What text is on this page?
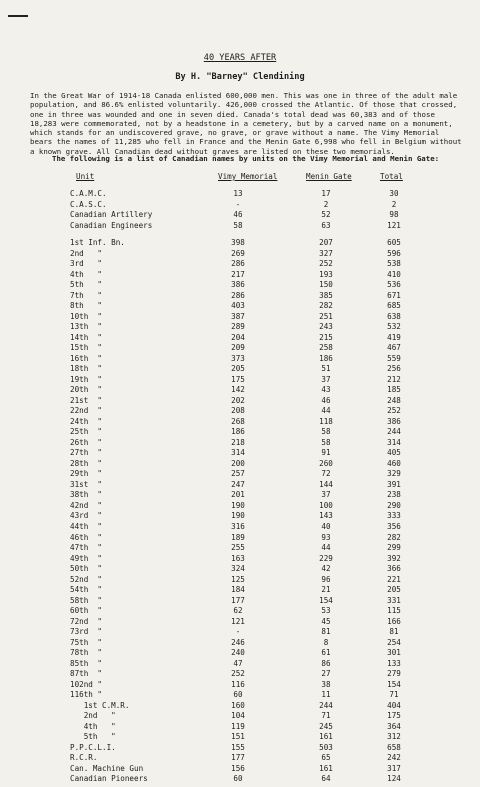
40 YEARS AFTER
By H. "Barney" Clendining

In the Great War of 1914-18 Canada enlisted 600,000 men. This was one in three of the adult male population, and 86.6% enlisted voluntarily. 426,000 crossed the Atlantic. Of those that crossed, one in three was wounded and one in seven died. Canada's total dead was 60,383 and of those 18,283 were commemorated, not by a headstone in a cemetery, but by a carved name on a monument, which stands for an undiscovered grave, no grave, or grave without a name. The Vimy Memorial bears the names of 11,285 who fell in France and the Menin Gate 6,998 who fell in Belgium without a known grave. All Canadian dead without graves are listed on these two memorials.

The following is a list of Canadian names by units on the Vimy Memorial and Menin Gate:
Unit	Vimy Memorial	Menin Gate	Total
C.A.M.C.	13	17	30
C.A.S.C.	-	2	2
Canadian Artillery	46	52	98
Canadian Engineers	58	63	121
1st Inf. Bn.	398	207	605
2nd   "	269	327	596
3rd   "	286	252	538
4th   "	217	193	410
5th   "	386	150	536
7th   "	286	385	671
8th   "	403	282	685
10th  "	387	251	638
13th  "	289	243	532
14th  "	204	215	419
15th  "	209	258	467
16th  "	373	186	559
18th  "	205	51	256
19th  "	175	37	212
20th  "	142	43	185
21st  "	202	46	248
22nd  "	208	44	252
24th  "	268	118	386
25th  "	186	58	244
26th  "	218	58	314
27th  "	314	91	405
28th  "	200	260	460
29th  "	257	72	329
31st  "	247	144	391
38th  "	201	37	238
42nd  "	190	100	290
43rd  "	190	143	333
44th  "	316	40	356
46th  "	189	93	282
47th  "	255	44	299
49th  "	163	229	392
50th  "	324	42	366
52nd  "	125	96	221
54th  "	184	21	205
58th  "	177	154	331
60th  "	62	53	115
72nd  "	121	45	166
73rd  "	-	81	81
75th  "	246	8	254
78th  "	240	61	301
85th  "	47	86	133
87th  "	252	27	279
102nd "	116	38	154
116th "	60	11	71
1st C.M.R.	160	244	404
2nd   "	104	71	175
4th   "	119	245	364
5th   "	151	161	312
P.P.C.L.I.	155	503	658
R.C.R.	177	65	242
Can. Machine Gun	156	161	317
Canadian Pioneers	60	64	124
